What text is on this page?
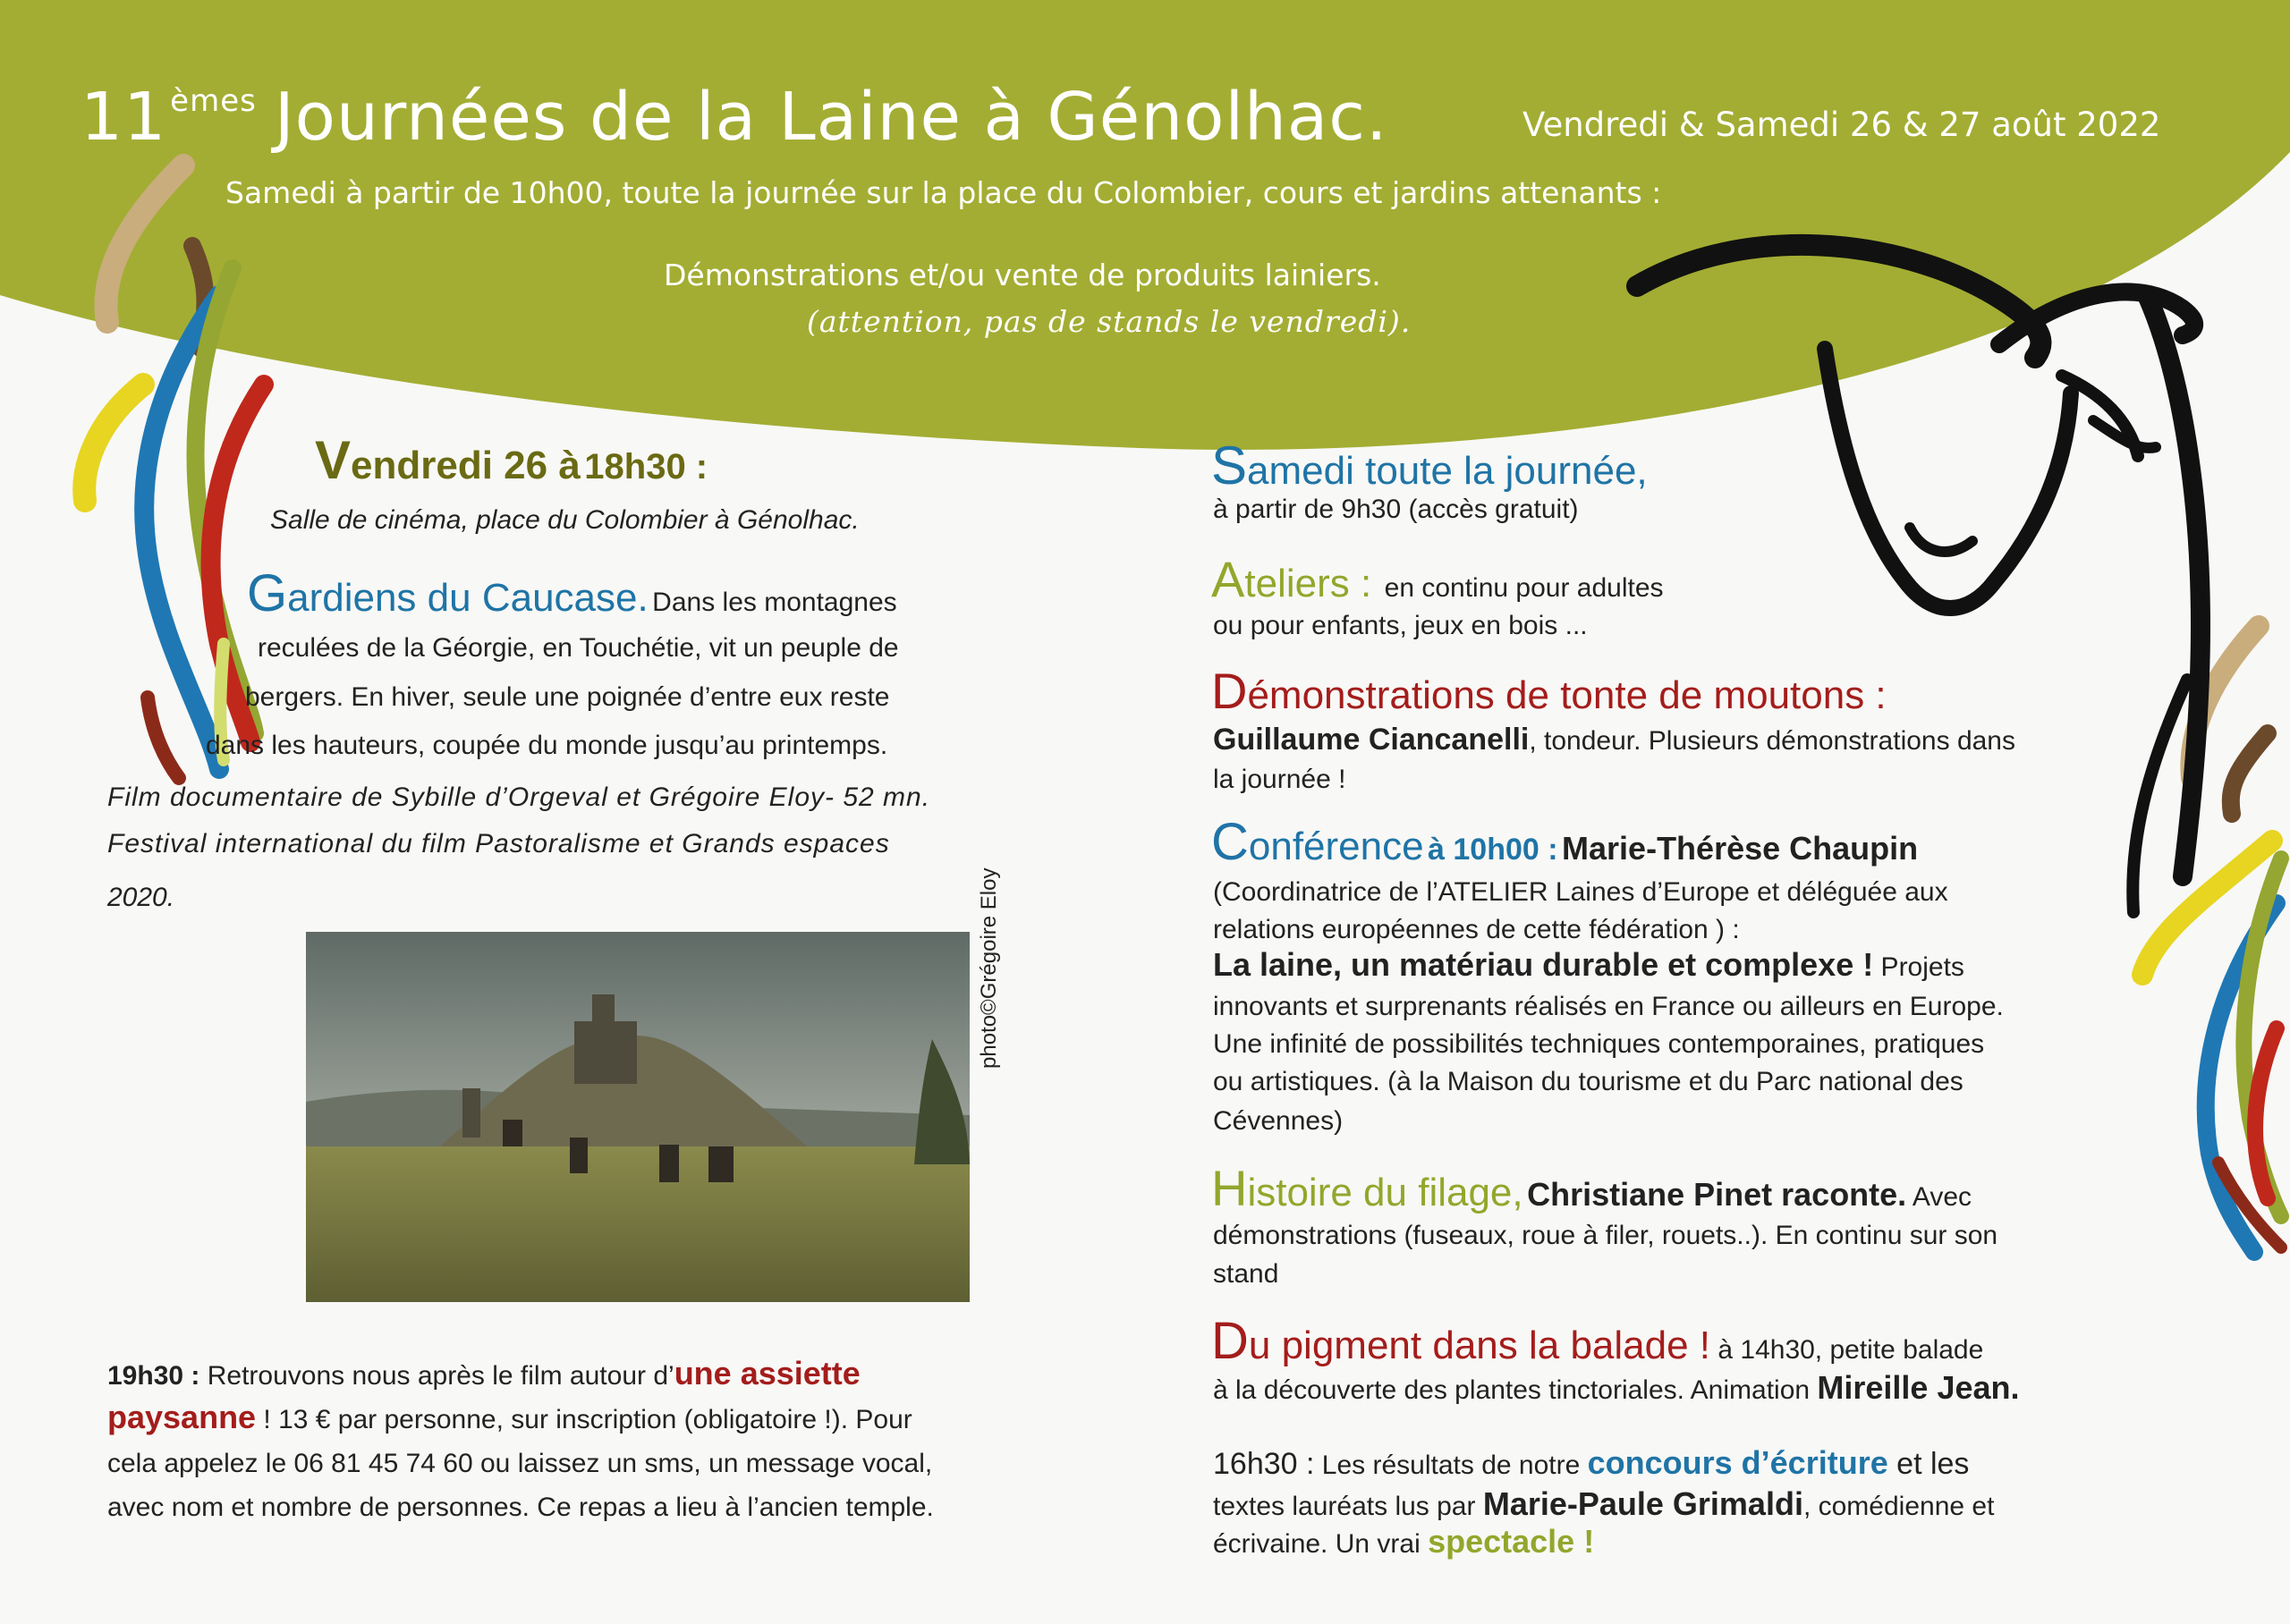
11 $^{èmes}$ Journées de la Laine à Génolhac.	Vendredi & Samedi 26 & 27 août 2022
Samedi à partir de 10h00, toute la journée sur la place du Colombier, cours et jardins attenants :
Démonstrations et/ou vente de produits lainiers.
(attention, pas de stands le vendredi).
Vendredi 26 à 18h30 :
Salle de cinéma, place du Colombier à Génolhac.
Gardiens du Caucase. Dans les montagnes
reculées de la Géorgie, en Touchétie, vit un peuple de
bergers. En hiver, seule une poignée d’entre eux reste
dans les hauteurs, coupée du monde jusqu’au printemps.
Film documentaire de Sybille d’Orgeval et Grégoire Eloy- 52 mn.
Festival international du film Pastoralisme et Grands espaces
2020.	photo©Grégoire Eloy
19h30 : Retrouvons nous après le film autour d’une assiette
paysanne ! 13 € par personne, sur inscription (obligatoire !). Pour
cela appelez le 06 81 45 74 60 ou laissez un sms, un message vocal,
avec nom et nombre de personnes. Ce repas a lieu à l’ancien temple.
Samedi toute la journée,
à partir de 9h30 (accès gratuit)
Ateliers : en continu pour adultes
ou pour enfants, jeux en bois ...
Démonstrations de tonte de moutons :
Guillaume Ciancanelli, tondeur. Plusieurs démonstrations dans
la journée !
Conférence à 10h00 : Marie-Thérèse Chaupin
(Coordinatrice de l’ATELIER Laines d’Europe et déléguée aux
relations européennes de cette fédération ) :
La laine, un matériau durable et complexe ! Projets
innovants et surprenants réalisés en France ou ailleurs en Europe.
Une infinité de possibilités techniques contemporaines, pratiques
ou artistiques. (à la Maison du tourisme et du Parc national des
Cévennes)
Histoire du filage, Christiane Pinet raconte. Avec
démonstrations (fuseaux, roue à filer, rouets..). En continu sur son
stand
Du pigment dans la balade ! à 14h30, petite balade
à la découverte des plantes tinctoriales. Animation Mireille Jean.
16h30 : Les résultats de notre concours d’écriture et les
textes lauréats lus par Marie-Paule Grimaldi, comédienne et
écrivaine. Un vrai spectacle !
